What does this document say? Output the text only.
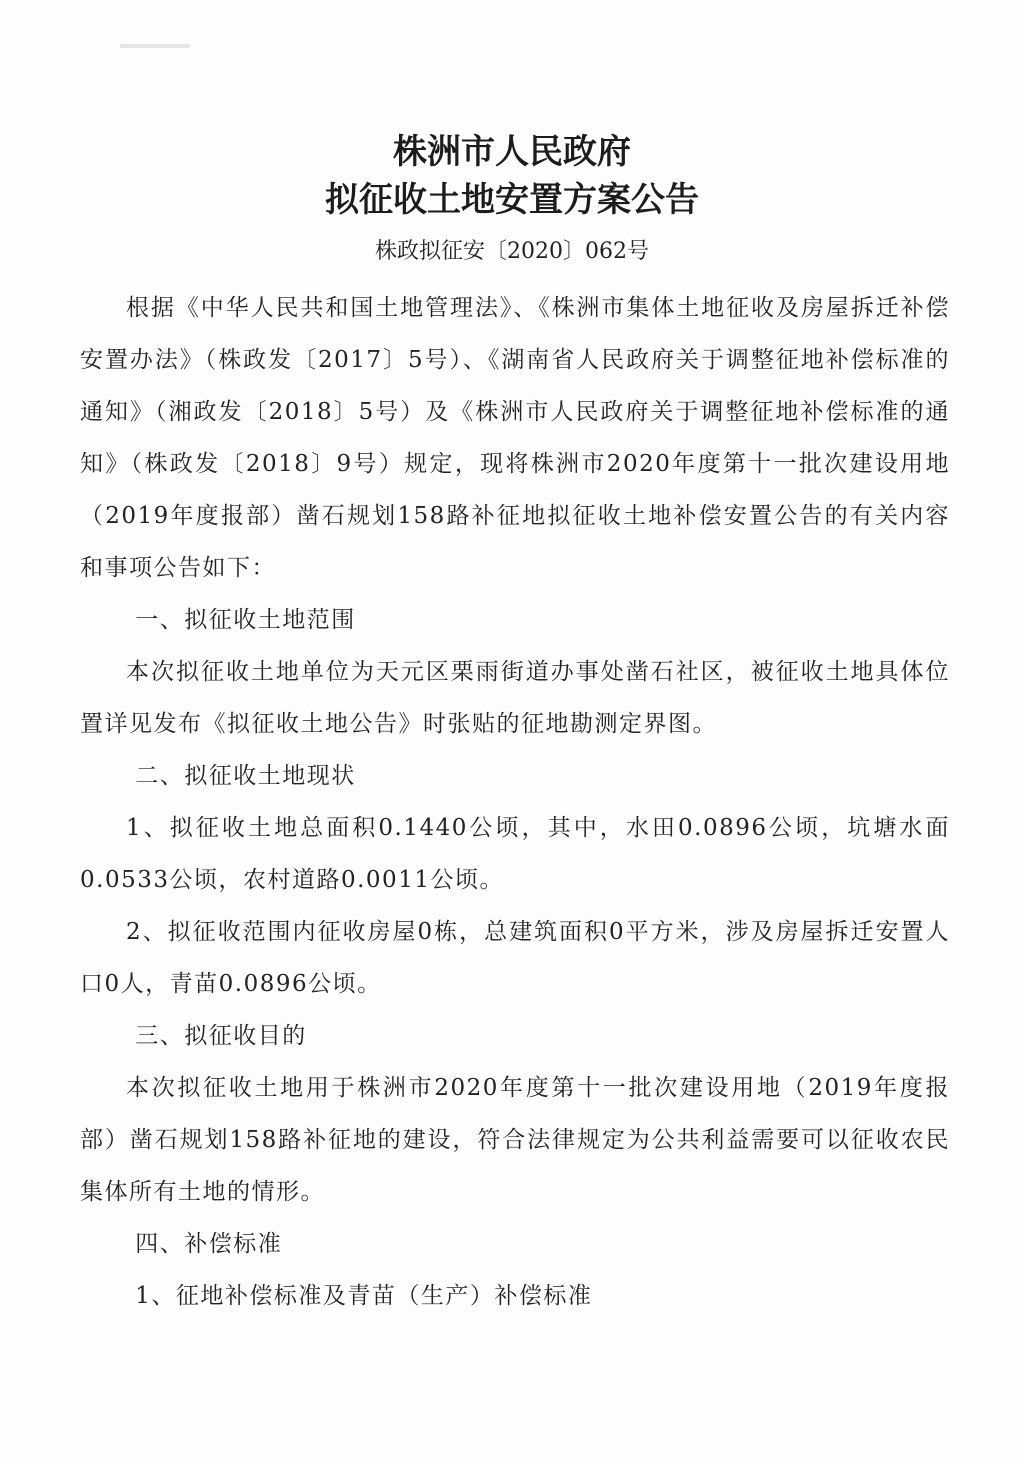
株洲市人民政府
拟征收土地安置方案公告
株政拟征安〔2020〕062号

根据《中华人民共和国土地管理法》、《株洲市集体土地征收及房屋拆迁补偿安置办法》（株政发〔2017〕5号）、《湖南省人民政府关于调整征地补偿标准的通知》（湘政发〔2018〕5号）及《株洲市人民政府关于调整征地补偿标准的通知》（株政发〔2018〕9号）规定，现将株洲市2020年度第十一批次建设用地（2019年度报部）凿石规划158路补征地拟征收土地补偿安置公告的有关内容和事项公告如下：

一、拟征收土地范围

本次拟征收土地单位为天元区栗雨街道办事处凿石社区，被征收土地具体位置详见发布《拟征收土地公告》时张贴的征地勘测定界图。

二、拟征收土地现状

1、拟征收土地总面积0.1440公顷，其中，水田0.0896公顷，坑塘水面0.0533公顷，农村道路0.0011公顷。

2、拟征收范围内征收房屋0栋，总建筑面积0平方米，涉及房屋拆迁安置人口0人，青苗0.0896公顷。

三、拟征收目的

本次拟征收土地用于株洲市2020年度第十一批次建设用地（2019年度报部）凿石规划158路补征地的建设，符合法律规定为公共利益需要可以征收农民集体所有土地的情形。

四、补偿标准

1、征地补偿标准及青苗（生产）补偿标准
